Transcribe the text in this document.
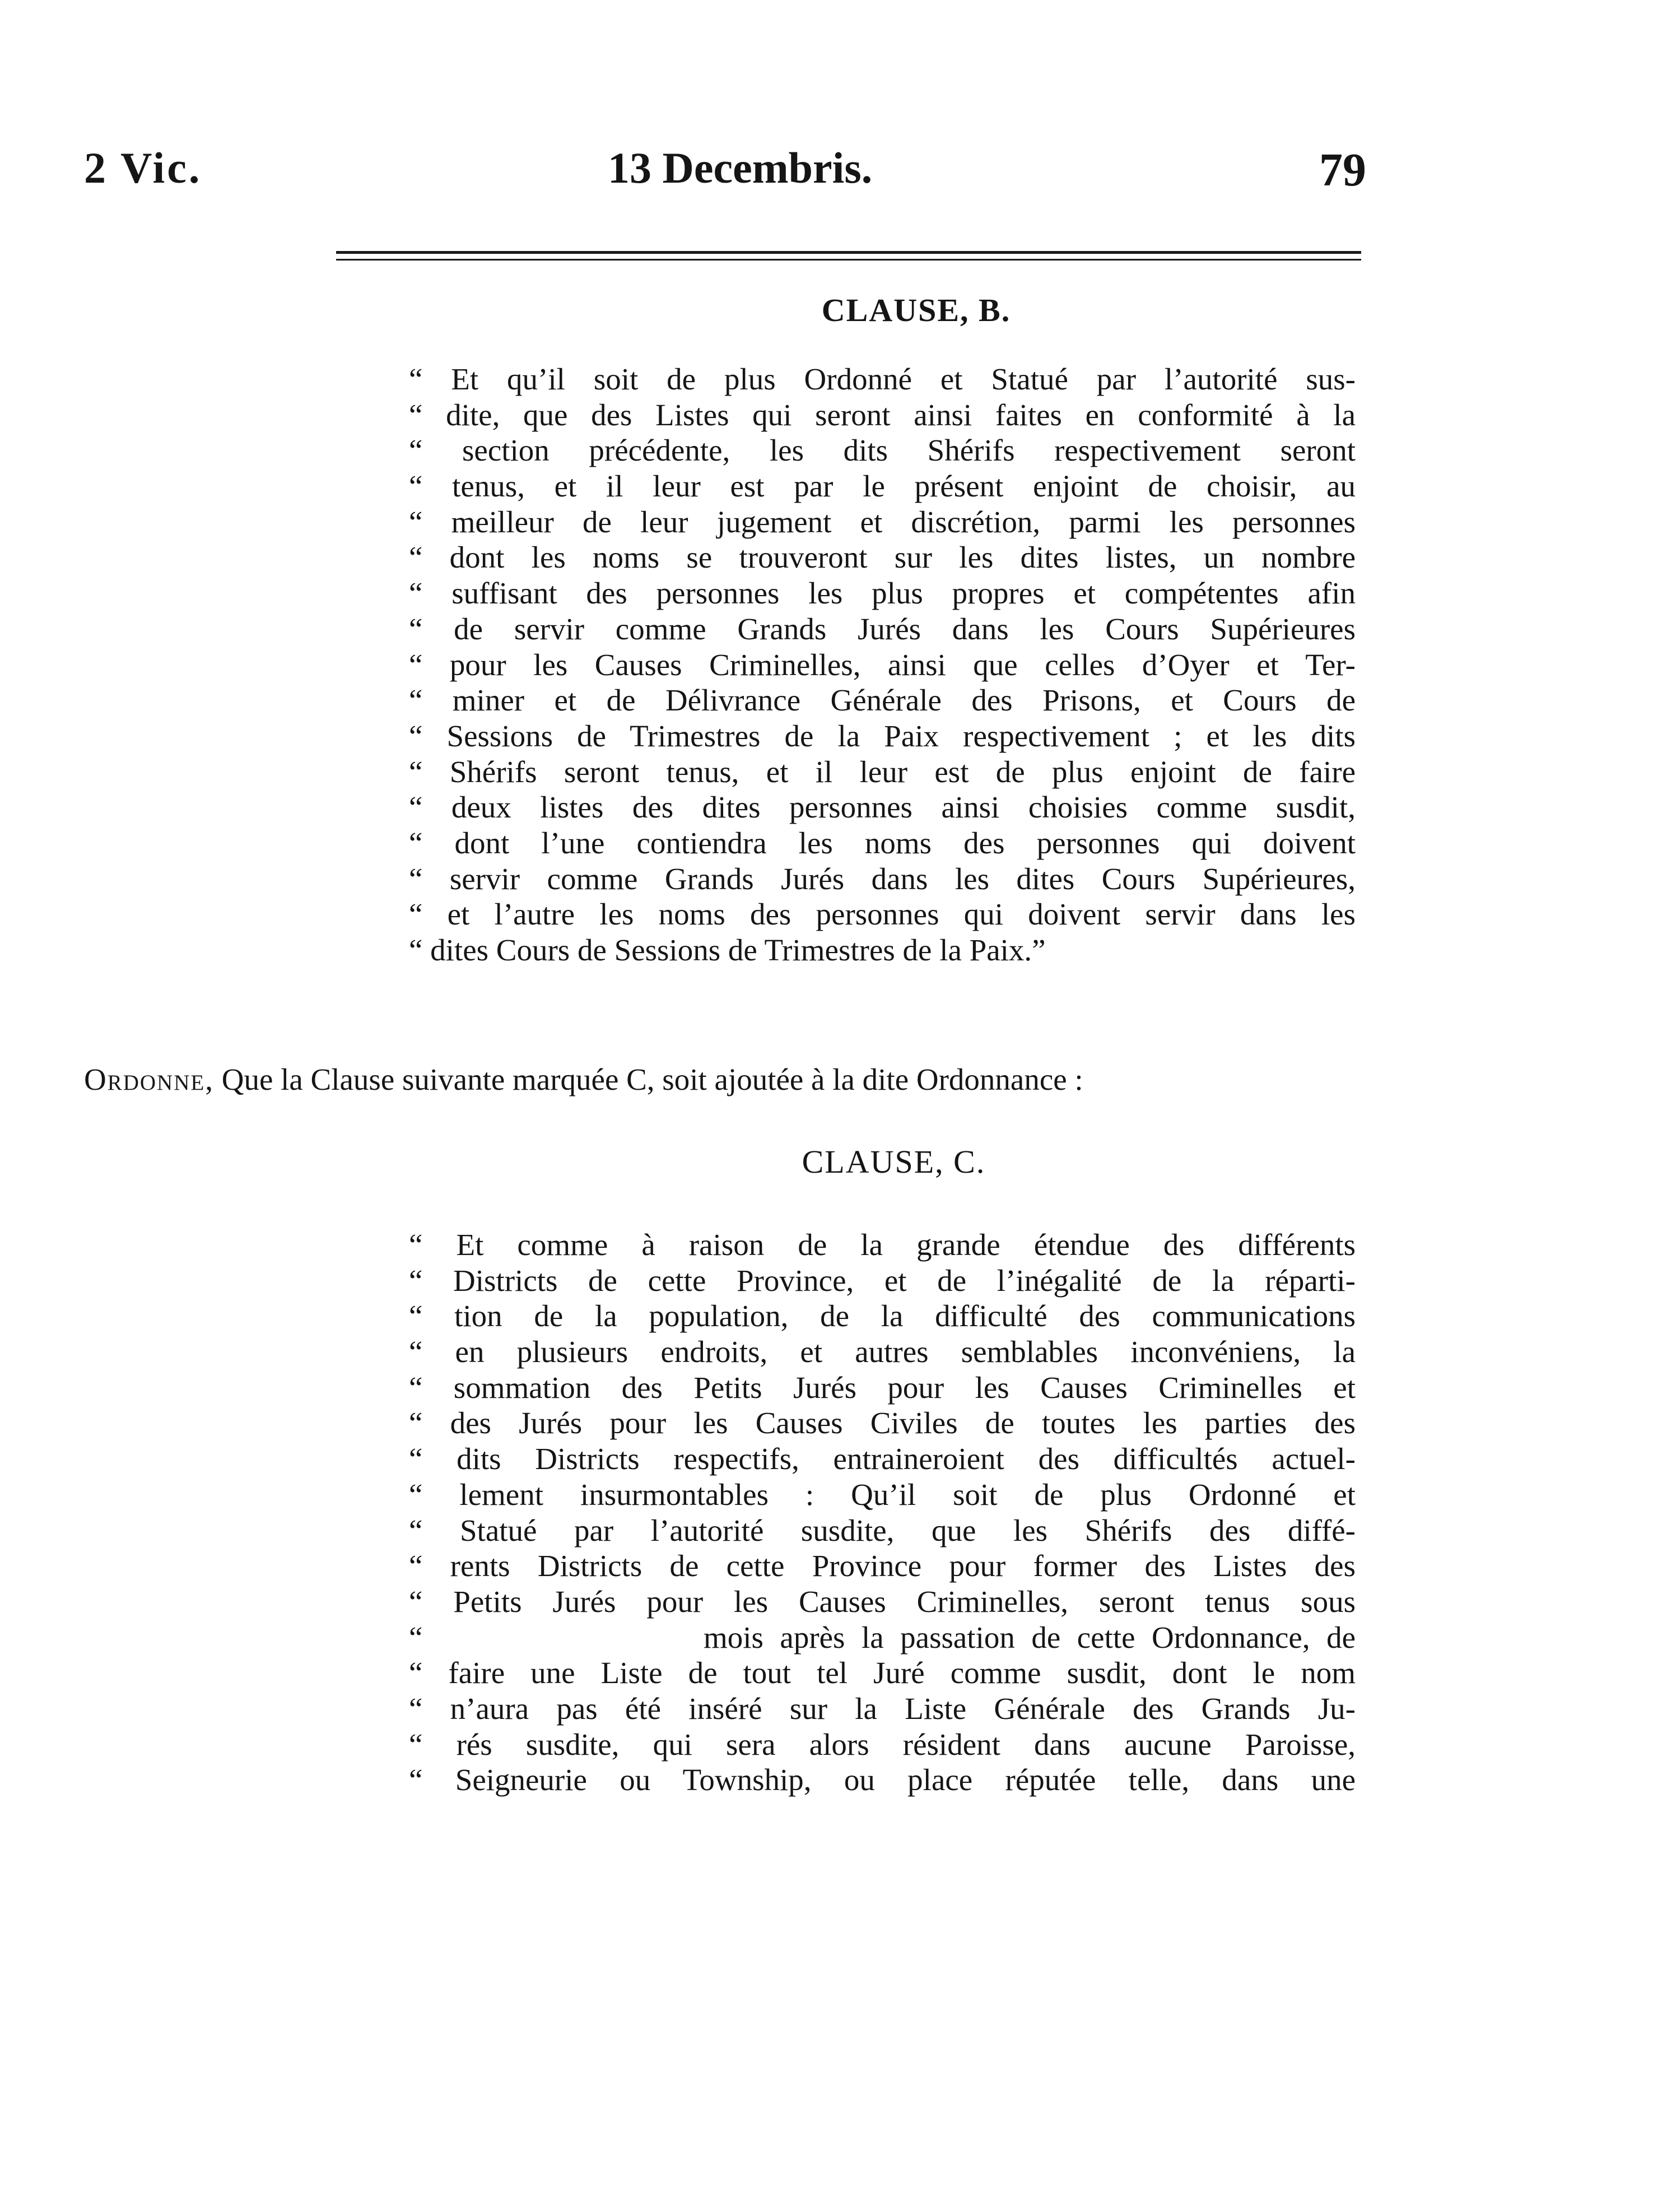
2 Vic.	13 Decembris.	79
CLAUSE, B.
“ Et qu’il soit de plus Ordonné et Statué par l’autorité sus-
“ dite, que des Listes qui seront ainsi faites en conformité à la
“ section précédente, les dits Shérifs respectivement seront
“ tenus, et il leur est par le présent enjoint de choisir, au
“ meilleur de leur jugement et discrétion, parmi les personnes
“ dont les noms se trouveront sur les dites listes, un nombre
“ suffisant des personnes les plus propres et compétentes afin
“ de servir comme Grands Jurés dans les Cours Supérieures
“ pour les Causes Criminelles, ainsi que celles d’Oyer et Ter-
“ miner et de Délivrance Générale des Prisons, et Cours de
“ Sessions de Trimestres de la Paix respectivement ; et les dits
“ Shérifs seront tenus, et il leur est de plus enjoint de faire
“ deux listes des dites personnes ainsi choisies comme susdit,
“ dont l’une contiendra les noms des personnes qui doivent
“ servir comme Grands Jurés dans les dites Cours Supérieures,
“ et l’autre les noms des personnes qui doivent servir dans les
“ dites Cours de Sessions de Trimestres de la Paix.”
Ordonne, Que la Clause suivante marquée C, soit ajoutée à la dite Ordonnance :
CLAUSE, C.
“ Et comme à raison de la grande étendue des différents
“ Districts de cette Province, et de l’inégalité de la réparti-
“ tion de la population, de la difficulté des communications
“ en plusieurs endroits, et autres semblables inconvéniens, la
“ sommation des Petits Jurés pour les Causes Criminelles et
“ des Jurés pour les Causes Civiles de toutes les parties des
“ dits Districts respectifs, entraineroient des difficultés actuel-
“ lement insurmontables : Qu’il soit de plus Ordonné et
“ Statué par l’autorité susdite, que les Shérifs des diffé-
“ rents Districts de cette Province pour former des Listes des
“ Petits Jurés pour les Causes Criminelles, seront tenus sous
“                 mois après la passation de cette Ordonnance, de
“ faire une Liste de tout tel Juré comme susdit, dont le nom
“ n’aura pas été inséré sur la Liste Générale des Grands Ju-
“ rés susdite, qui sera alors résident dans aucune Paroisse,
“ Seigneurie ou Township, ou place réputée telle, dans une
